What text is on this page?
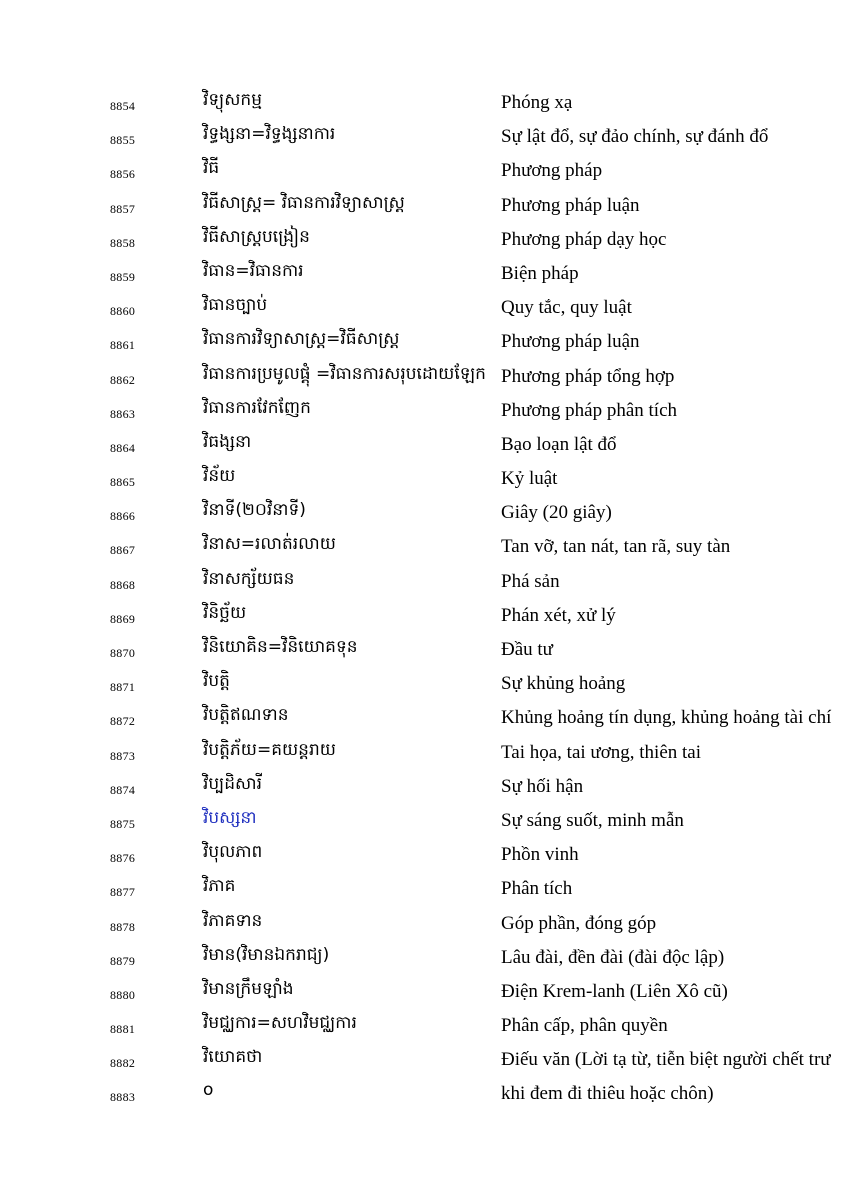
8854	វិទ្យុសកម្ម	Phóng xạ
8855	វិទ្ធង្សនា=វិទ្ធង្សនាការ	Sự lật đổ, sự đảo chính, sự đánh đổ
8856	វិធី	Phương pháp
8857	វិធីសាស្ត្រ= វិធានការវិទ្យាសាស្ត្រ	Phương pháp luận
8858	វិធីសាស្ត្របង្រៀន	Phương pháp dạy học
8859	វិធាន=វិធានការ	Biện pháp
8860	វិធានច្បាប់	Quy tắc, quy luật
8861	វិធានការវិទ្យាសាស្ត្រ=វិធីសាស្ត្រ	Phương pháp luận
8862	វិធានការប្រមូលផ្តុំ =វិធានការសរុបដោយឡែក Phương pháp tổng hợp
8863	វិធានការវែកញែក	Phương pháp phân tích
8864	វិធង្សនា	Bạo loạn lật đổ
8865	វិន័យ	Kỷ luật
8866	វិនាទី(២០វិនាទី)	Giây (20 giây)
8867	វិនាស=រលាត់រលាយ	Tan vỡ, tan nát, tan rã, suy tàn
8868	វិនាសក្ស័យធន	Phá sản
8869	វិនិច្ឆ័យ	Phán xét, xử lý
8870	វិនិយោគិន=វិនិយោគទុន	Đầu tư
8871	វិបត្តិ	Sự khủng hoảng
8872	វិបត្តិឥណទាន	Khủng hoảng tín dụng, khủng hoảng tài chí
8873	វិបត្តិភ័យ=គយន្តរាយ	Tai họa, tai ương, thiên tai
8874	វិប្បដិសារី	Sự hối hận
8875	វិបស្សនា	Sự sáng suốt, minh mẫn
8876	វិបុលភាព	Phồn vinh
8877	វិភាគ	Phân tích
8878	វិភាគទាន	Góp phần, đóng góp
8879	វិមាន(វិមានឯករាជ្យ)	Lâu đài, đền đài (đài độc lập)
8880	វិមានក្រឹមឡាំង	Điện Krem-lanh (Liên Xô cũ)
8881	វិមជ្ឈការ=សហវិមជ្ឈការ	Phân cấp, phân quyền
8882	វិយោគថា	Điếu văn (Lời tạ từ, tiễn biệt người chết trư
8883	ο	khi đem đi thiêu hoặc chôn)
